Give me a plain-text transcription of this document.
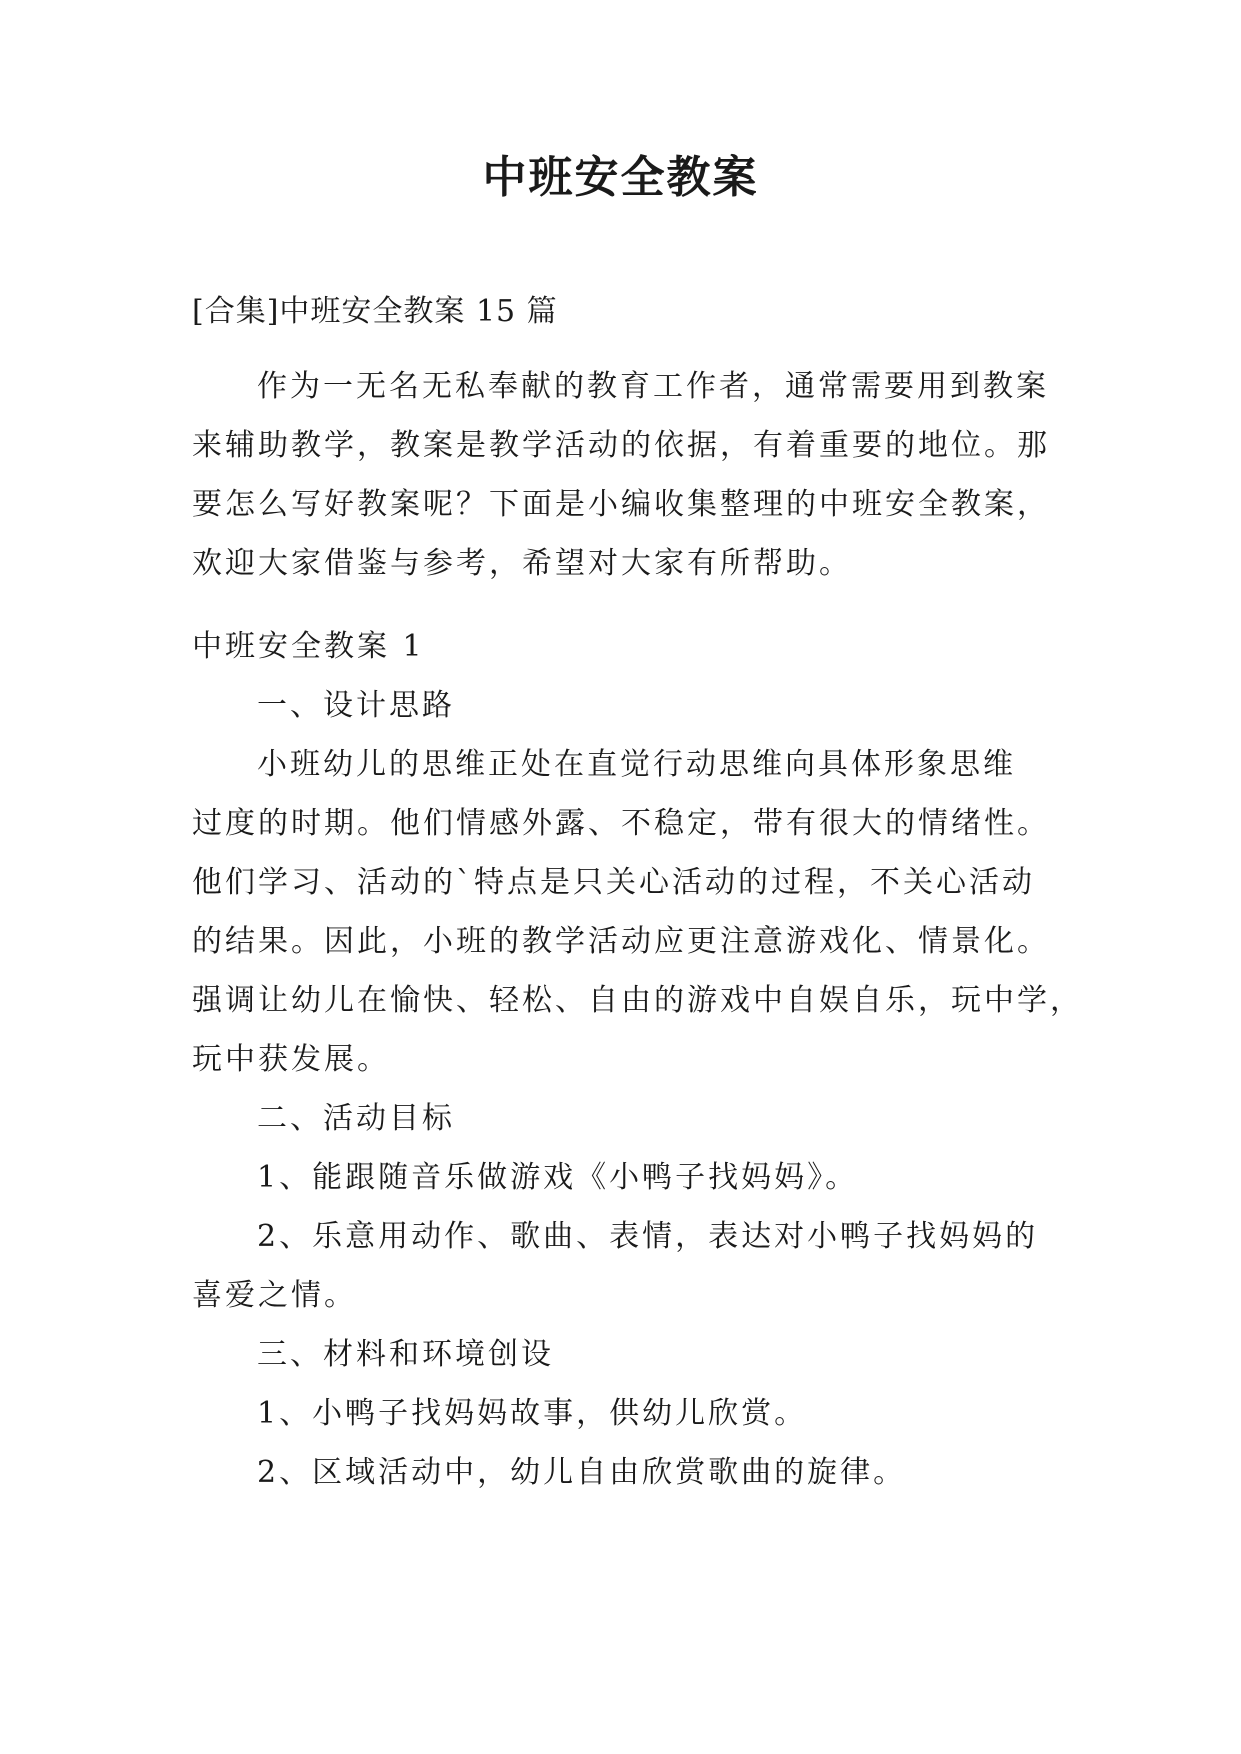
中班安全教案

[合集]中班安全教案 15 篇

作为一无名无私奉献的教育工作者，通常需要用到教案
来辅助教学，教案是教学活动的依据，有着重要的地位。那
要怎么写好教案呢？下面是小编收集整理的中班安全教案，
欢迎大家借鉴与参考，希望对大家有所帮助。
中班安全教案 1
一、设计思路
小班幼儿的思维正处在直觉行动思维向具体形象思维
过度的时期。他们情感外露、不稳定，带有很大的情绪性。
他们学习、活动的`特点是只关心活动的过程，不关心活动
的结果。因此，小班的教学活动应更注意游戏化、情景化。
强调让幼儿在愉快、轻松、自由的游戏中自娱自乐，玩中学，
玩中获发展。
二、活动目标
1、能跟随音乐做游戏《小鸭子找妈妈》。
2、乐意用动作、歌曲、表情，表达对小鸭子找妈妈的
喜爱之情。
三、材料和环境创设
1、小鸭子找妈妈故事，供幼儿欣赏。
2、区域活动中，幼儿自由欣赏歌曲的旋律。
